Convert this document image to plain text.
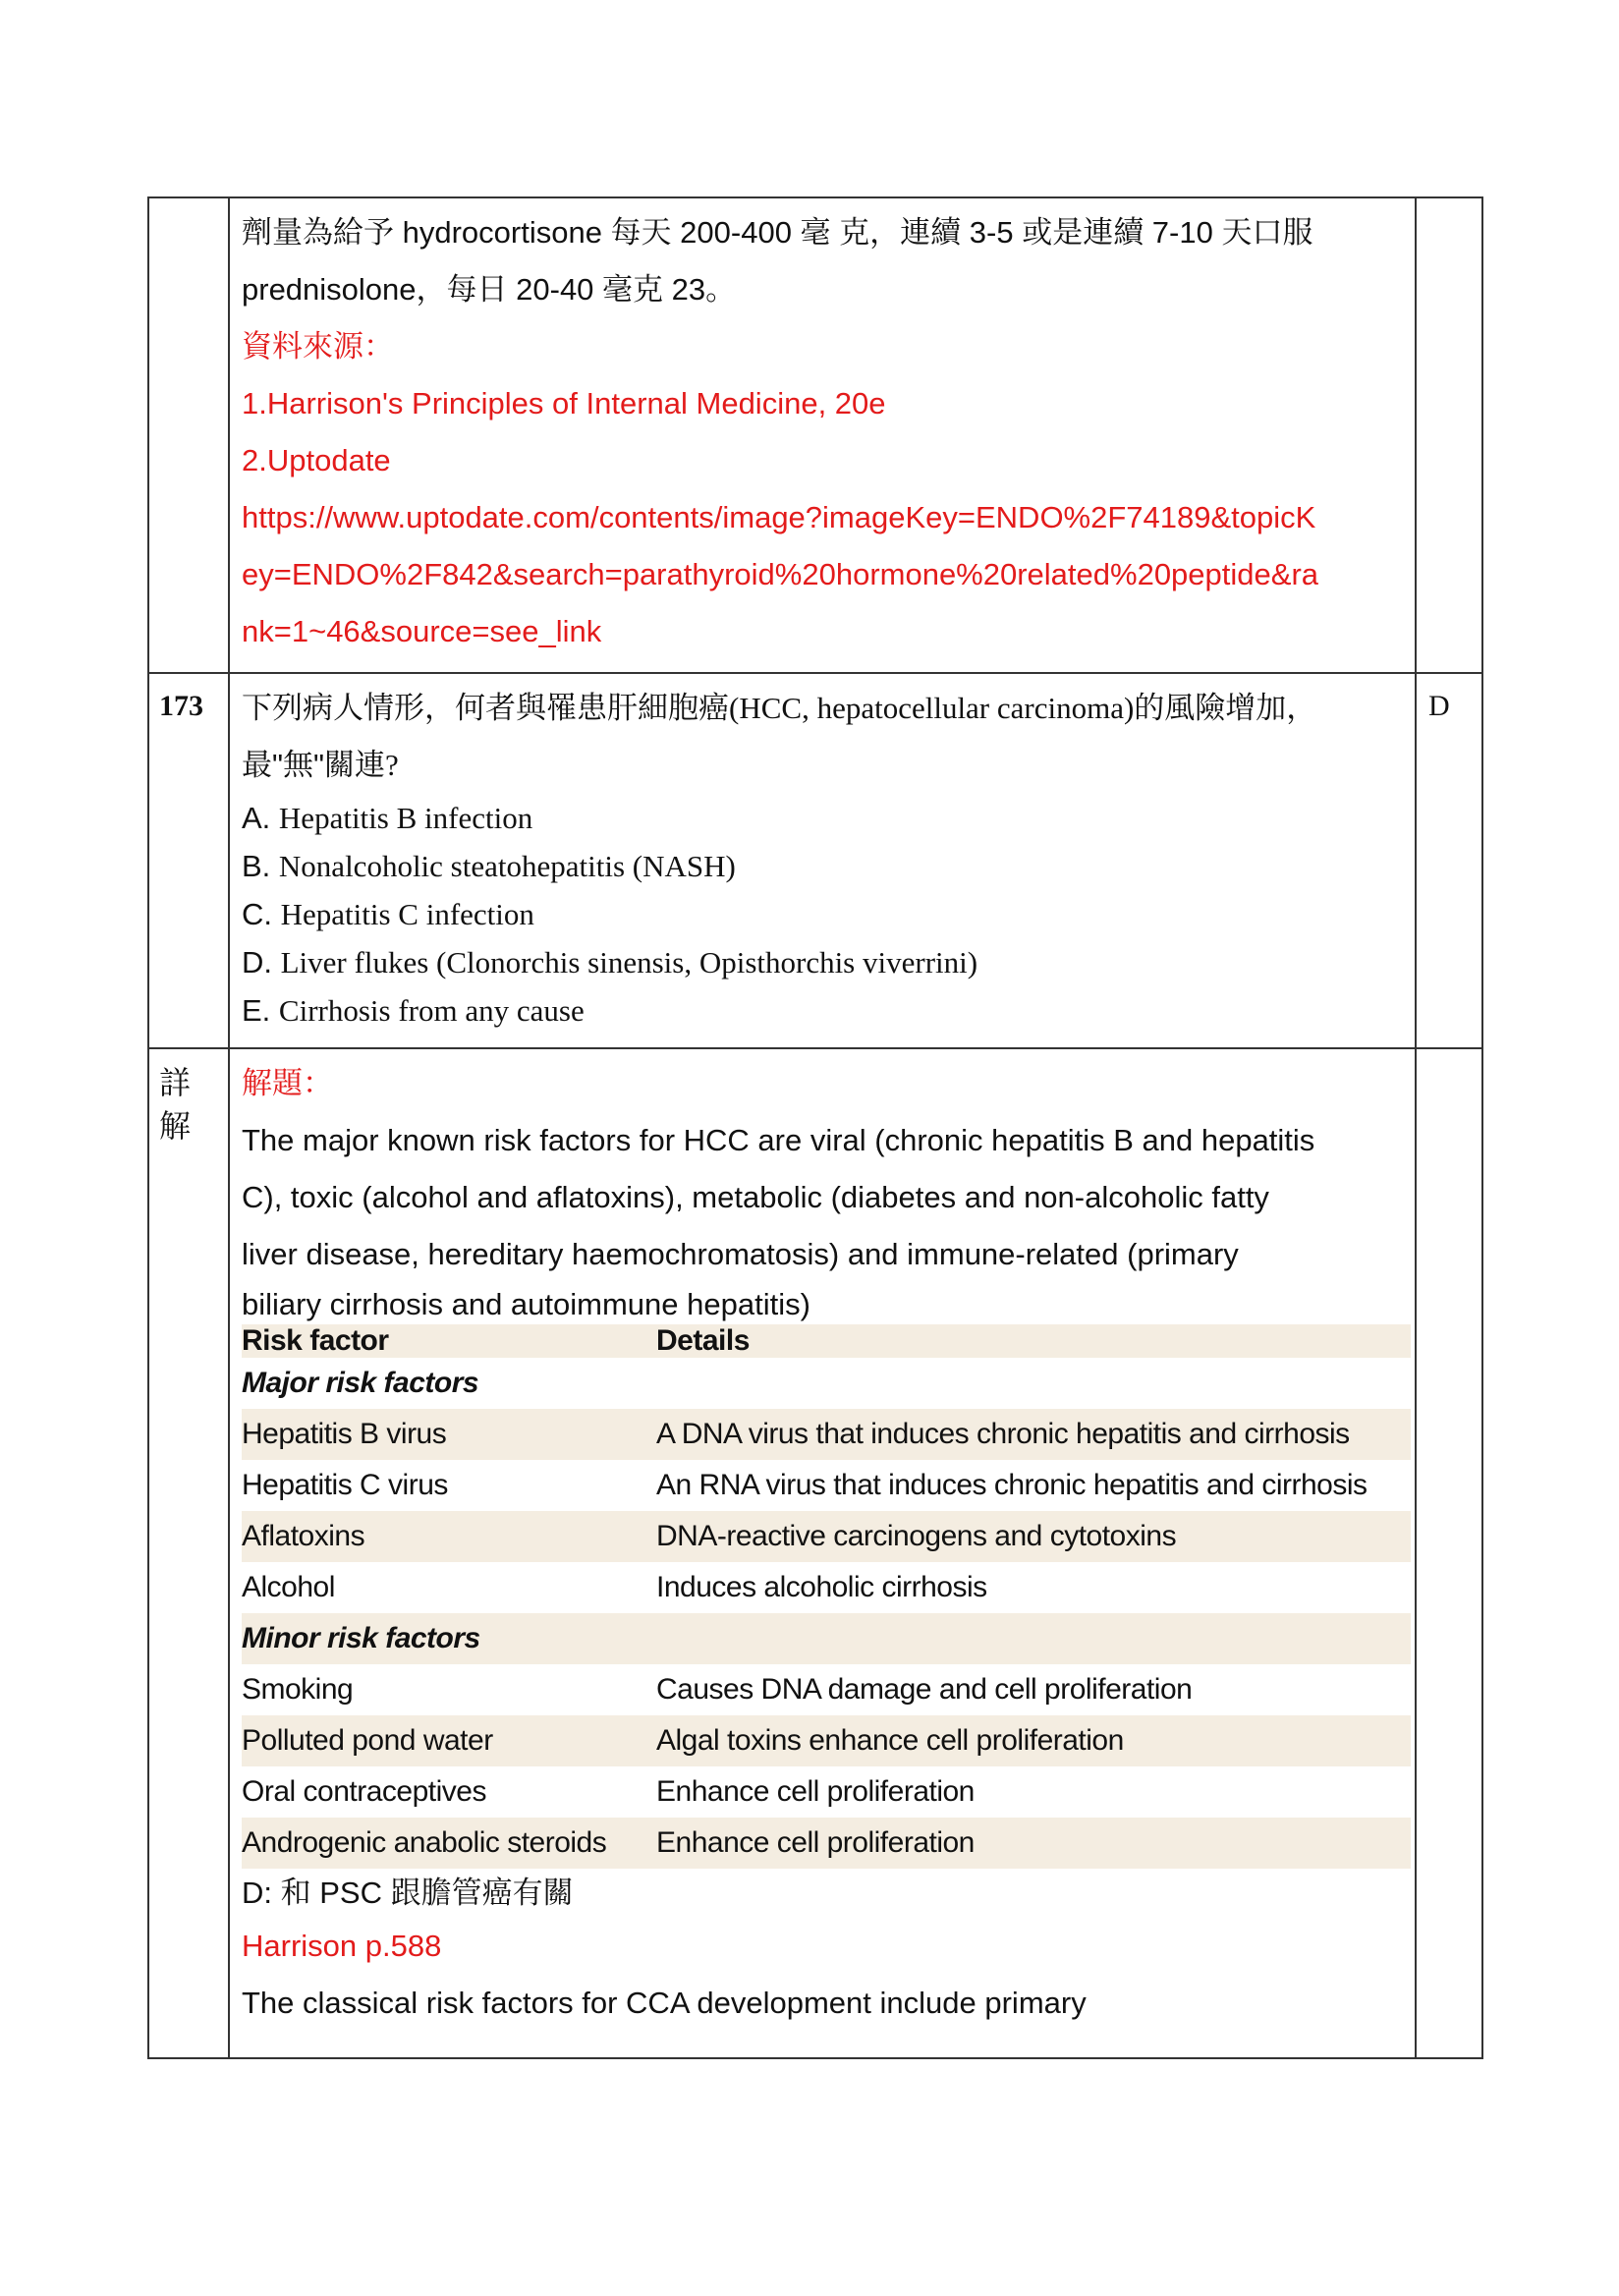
劑量為給予 hydrocortisone 每天 200-400 毫 克，連續 3-5 或是連續 7-10 天口服
prednisolone，每日 20-40 毫克 23。
資料來源：
1.Harrison's Principles of Internal Medicine, 20e
2.Uptodate
https://www.uptodate.com/contents/image?imageKey=ENDO%2F74189&topicK
ey=ENDO%2F842&search=parathyroid%20hormone%20related%20peptide&ra
nk=1~46&source=see_link

173	下列病人情形，何者與罹患肝細胞癌(HCC, hepatocellular carcinoma)的風險增加，
最"無"關連?
A. Hepatitis B infection
B. Nonalcoholic steatohepatitis (NASH)
C. Hepatitis C infection
D. Liver flukes (Clonorchis sinensis, Opisthorchis viverrini)
E. Cirrhosis from any cause

D

詳
解

解題：
The major known risk factors for HCC are viral (chronic hepatitis B and hepatitis
C), toxic (alcohol and aflatoxins), metabolic (diabetes and non-alcoholic fatty
liver disease, hereditary haemochromatosis) and immune-related (primary
biliary cirrhosis and autoimmune hepatitis)
Risk factor	Details
Major risk factors	
Hepatitis B virus	A DNA virus that induces chronic hepatitis and cirrhosis
Hepatitis C virus	An RNA virus that induces chronic hepatitis and cirrhosis
Aflatoxins	DNA-reactive carcinogens and cytotoxins
Alcohol	Induces alcoholic cirrhosis
Minor risk factors	
Smoking	Causes DNA damage and cell proliferation
Polluted pond water	Algal toxins enhance cell proliferation
Oral contraceptives	Enhance cell proliferation
Androgenic anabolic steroids	Enhance cell proliferation
D: 和 PSC 跟膽管癌有關
Harrison p.588
The classical risk factors for CCA development include primary
